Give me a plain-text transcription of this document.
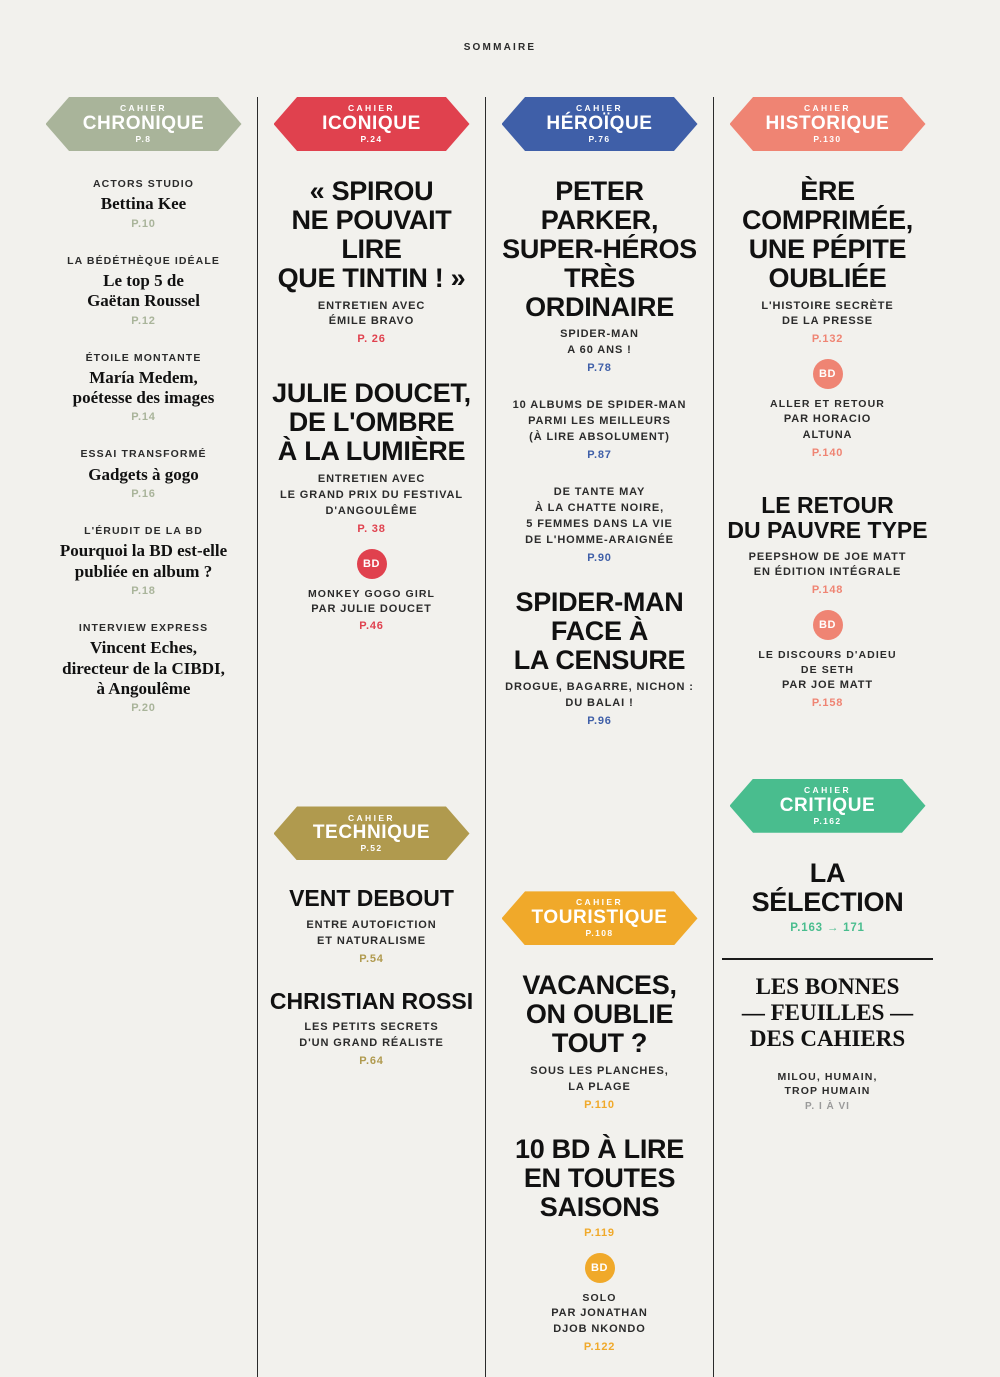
SOMMAIRE
CAHIER
CHRONIQUE
P.8
ACTORS STUDIO
Bettina Kee
P.10
LA BÉDÉTHÈQUE IDÉALE
Le top 5 de
Gaëtan Roussel
P.12
ÉTOILE MONTANTE
María Medem,
poétesse des images
P.14
ESSAI TRANSFORMÉ
Gadgets à gogo
P.16
L'ÉRUDIT DE LA BD
Pourquoi la BD est-elle
publiée en album ?
P.18
INTERVIEW EXPRESS
Vincent Eches,
directeur de la CIBDI,
à Angoulême
P.20
CAHIER
ICONIQUE
P.24
« SPIROU
NE POUVAIT LIRE
QUE TINTIN ! »
ENTRETIEN AVEC
ÉMILE BRAVO
P. 26
JULIE DOUCET,
DE L'OMBRE
À LA LUMIÈRE
ENTRETIEN AVEC
LE GRAND PRIX DU FESTIVAL
D'ANGOULÊME
P. 38
BD
MONKEY GOGO GIRL
PAR JULIE DOUCET
P.46
CAHIER
TECHNIQUE
P.52
VENT DEBOUT
ENTRE AUTOFICTION
ET NATURALISME
P.54
CHRISTIAN ROSSI
LES PETITS SECRETS
D'UN GRAND RÉALISTE
P.64
CAHIER
HÉROÏQUE
P.76
PETER PARKER,
SUPER-HÉROS
TRÈS ORDINAIRE
SPIDER-MAN
A 60 ANS !
P.78
10 ALBUMS DE SPIDER-MAN
PARMI LES MEILLEURS
(À LIRE ABSOLUMENT)
P.87
DE TANTE MAY
À LA CHATTE NOIRE,
5 FEMMES DANS LA VIE
DE L'HOMME-ARAIGNÉE
P.90
SPIDER-MAN
FACE À
LA CENSURE
DROGUE, BAGARRE, NICHON :
DU BALAI !
P.96
CAHIER
TOURISTIQUE
P.108
VACANCES,
ON OUBLIE
TOUT ?
SOUS LES PLANCHES,
LA PLAGE
P.110
10 BD À LIRE
EN TOUTES
SAISONS
P.119
BD
SOLO
PAR JONATHAN
DJOB NKONDO
P.122
CAHIER
HISTORIQUE
P.130
ÈRE
COMPRIMÉE,
UNE PÉPITE
OUBLIÉE
L'HISTOIRE SECRÈTE
DE LA PRESSE
P.132
BD
ALLER ET RETOUR
PAR HORACIO
ALTUNA
P.140
LE RETOUR
DU PAUVRE TYPE
PEEPSHOW DE JOE MATT
EN ÉDITION INTÉGRALE
P.148
BD
LE DISCOURS D'ADIEU
DE SETH
PAR JOE MATT
P.158
CAHIER
CRITIQUE
P.162
LA
SÉLECTION
P.163 → 171
LES BONNES
— FEUILLES —
DES CAHIERS
MILOU, HUMAIN,
TROP HUMAIN
P. I À VI
